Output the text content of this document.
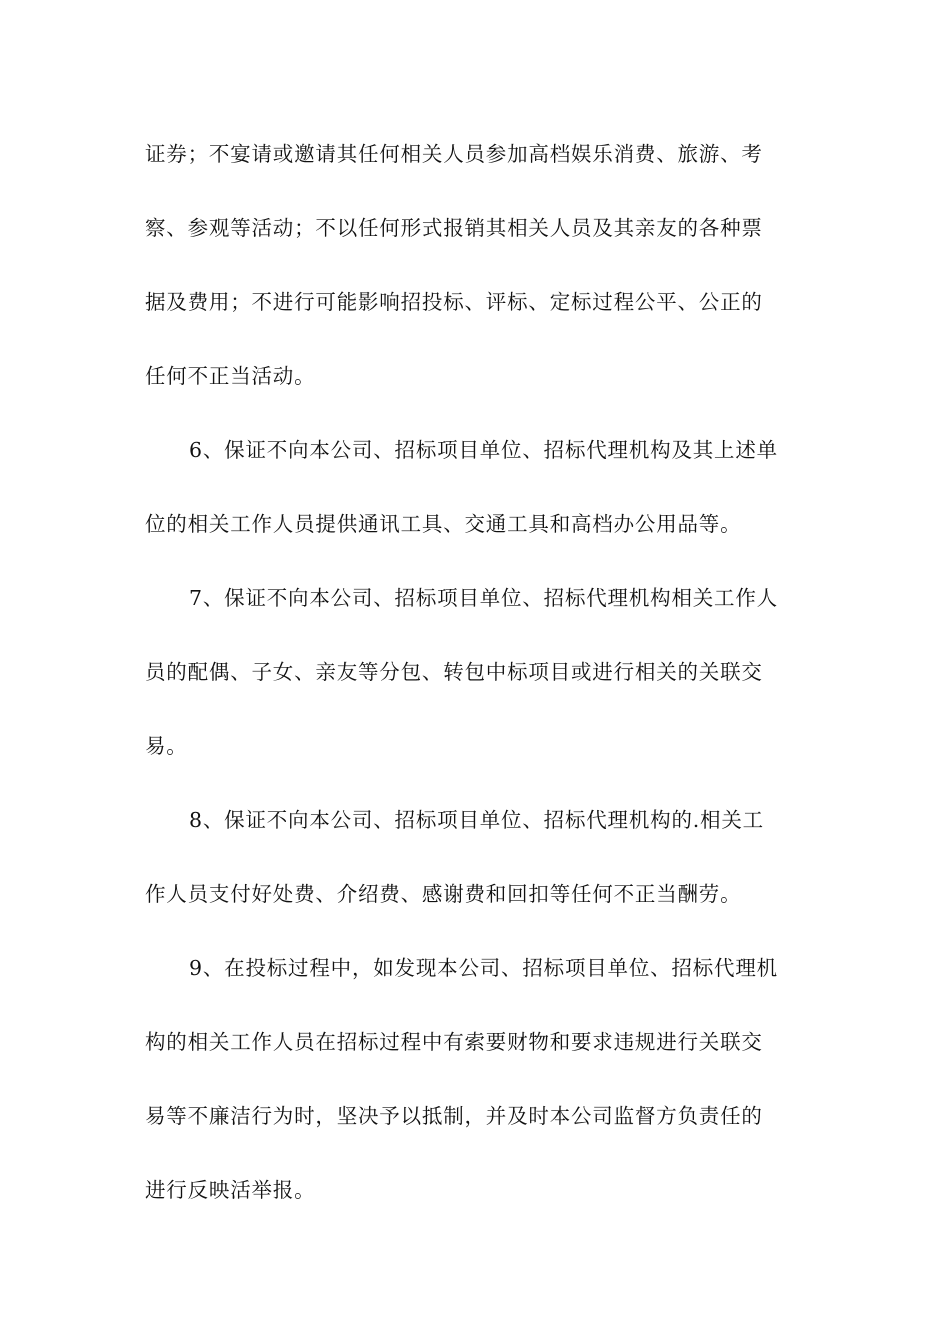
证券；不宴请或邀请其任何相关人员参加高档娱乐消费、旅游、考
察、参观等活动；不以任何形式报销其相关人员及其亲友的各种票
据及费用；不进行可能影响招投标、评标、定标过程公平、公正的
任何不正当活动。
6、保证不向本公司、招标项目单位、招标代理机构及其上述单
位的相关工作人员提供通讯工具、交通工具和高档办公用品等。
7、保证不向本公司、招标项目单位、招标代理机构相关工作人
员的配偶、子女、亲友等分包、转包中标项目或进行相关的关联交
易。
8、保证不向本公司、招标项目单位、招标代理机构的.相关工
作人员支付好处费、介绍费、感谢费和回扣等任何不正当酬劳。
9、在投标过程中，如发现本公司、招标项目单位、招标代理机
构的相关工作人员在招标过程中有索要财物和要求违规进行关联交
易等不廉洁行为时，坚决予以抵制，并及时本公司监督方负责任的
进行反映活举报。
